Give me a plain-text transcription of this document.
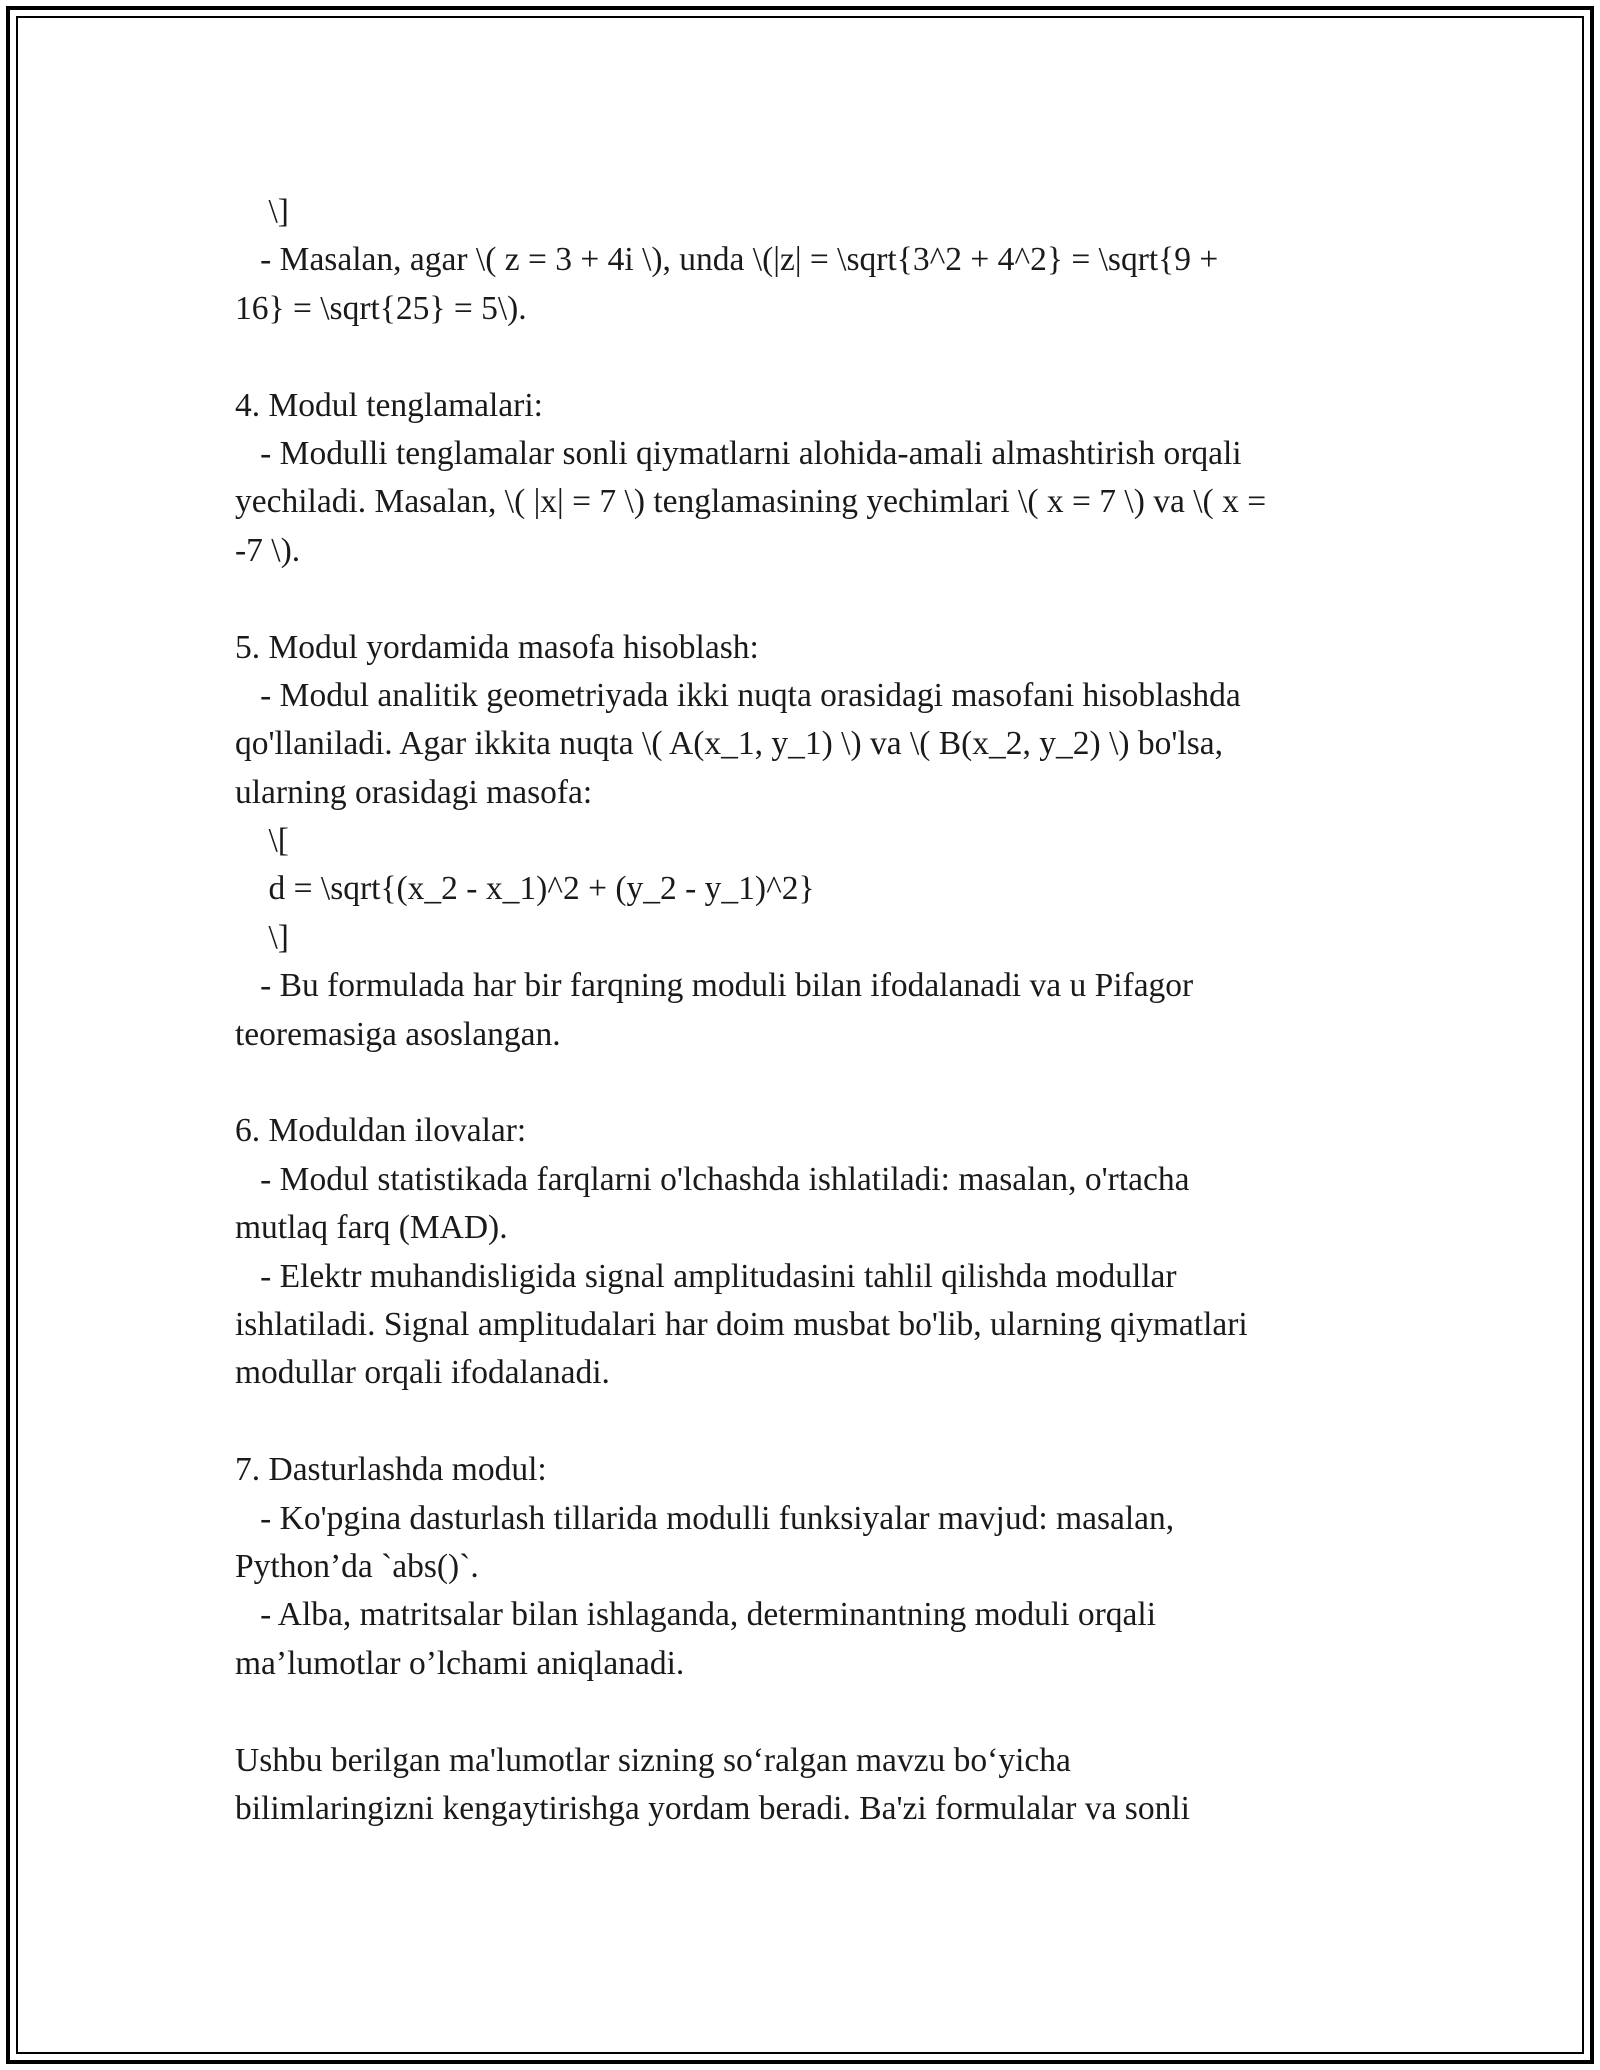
\]
- Masalan, agar \( z = 3 + 4i \), unda \(|z| = \sqrt{3^2 + 4^2} = \sqrt{9 +
16} = \sqrt{25} = 5\).
4. Modul tenglamalari:
- Modulli tenglamalar sonli qiymatlarni alohida-amali almashtirish orqali
yechiladi. Masalan, \( |x| = 7 \) tenglamasining yechimlari \( x = 7 \) va \( x =
-7 \).
5. Modul yordamida masofa hisoblash:
- Modul analitik geometriyada ikki nuqta orasidagi masofani hisoblashda
qo'llaniladi. Agar ikkita nuqta \( A(x_1, y_1) \) va \( B(x_2, y_2) \) bo'lsa,
ularning orasidagi masofa:
\[
d = \sqrt{(x_2 - x_1)^2 + (y_2 - y_1)^2}
\]
- Bu formulada har bir farqning moduli bilan ifodalanadi va u Pifagor
teoremasiga asoslangan.
6. Moduldan ilovalar:
- Modul statistikada farqlarni o'lchashda ishlatiladi: masalan, o'rtacha
mutlaq farq (MAD).
- Elektr muhandisligida signal amplitudasini tahlil qilishda modullar
ishlatiladi. Signal amplitudalari har doim musbat bo'lib, ularning qiymatlari
modullar orqali ifodalanadi.
7. Dasturlashda modul:
- Ko'pgina dasturlash tillarida modulli funksiyalar mavjud: masalan,
Python’da `abs()`.
- Alba, matritsalar bilan ishlaganda, determinantning moduli orqali
ma’lumotlar o’lchami aniqlanadi.
Ushbu berilgan ma'lumotlar sizning so‘ralgan mavzu bo‘yicha
bilimlaringizni kengaytirishga yordam beradi. Ba'zi formulalar va sonli
